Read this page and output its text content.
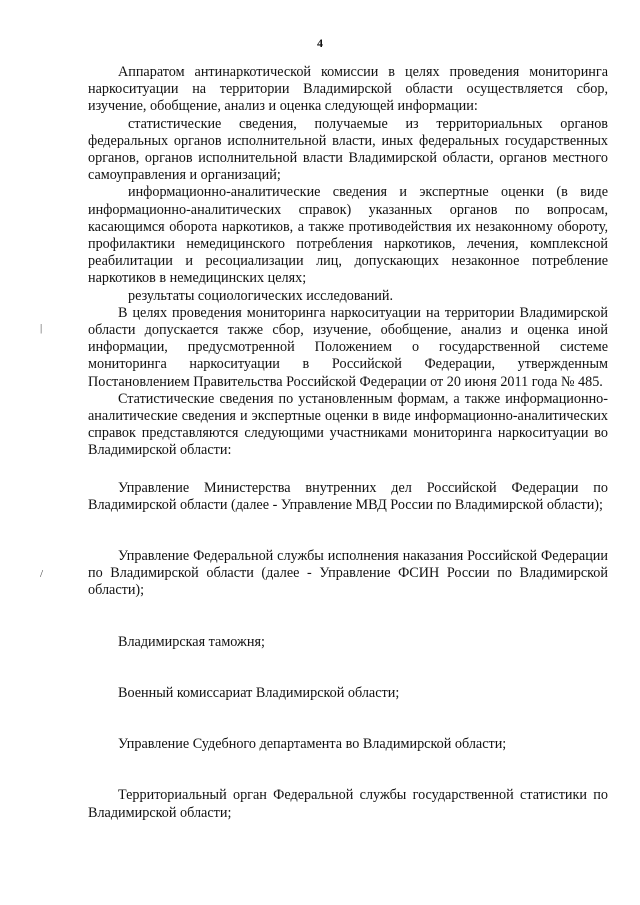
4
|
/

Аппаратом антинаркотической комиссии в целях проведения мониторинга наркоситуации на территории Владимирской области осуществляется сбор, изучение, обобщение, анализ и оценка следующей информации:

статистические сведения, получаемые из территориальных органов федеральных органов исполнительной власти, иных федеральных государственных органов, органов исполнительной власти Владимирской области, органов местного самоуправления и организаций;

информационно-аналитические сведения и экспертные оценки (в виде информационно-аналитических справок) указанных органов по вопросам, касающимся оборота наркотиков, а также противодействия их незаконному обороту, профилактики немедицинского потребления наркотиков, лечения, комплексной реабилитации и ресоциализации лиц, допускающих незаконное потребление наркотиков в немедицинских целях;

результаты социологических исследований.

В целях проведения мониторинга наркоситуации на территории Владимирской области допускается также сбор, изучение, обобщение, анализ и оценка иной информации, предусмотренной Положением о государственной системе мониторинга наркоситуации в Российской Федерации, утвержденным Постановлением Правительства Российской Федерации от 20 июня 2011 года № 485.

Статистические сведения по установленным формам, а также информационно-аналитические сведения и экспертные оценки в виде информационно-аналитических справок представляются следующими участниками мониторинга наркоситуации во Владимирской области:

Управление Министерства внутренних дел Российской Федерации по Владимирской области (далее - Управление МВД России по Владимирской области);

Управление Федеральной службы исполнения наказания Российской Федерации по Владимирской области (далее - Управление ФСИН России по Владимирской области);

Владимирская таможня;

Военный комиссариат Владимирской области;

Управление Судебного департамента во Владимирской области;

Территориальный орган Федеральной службы государственной статистики по Владимирской области;
